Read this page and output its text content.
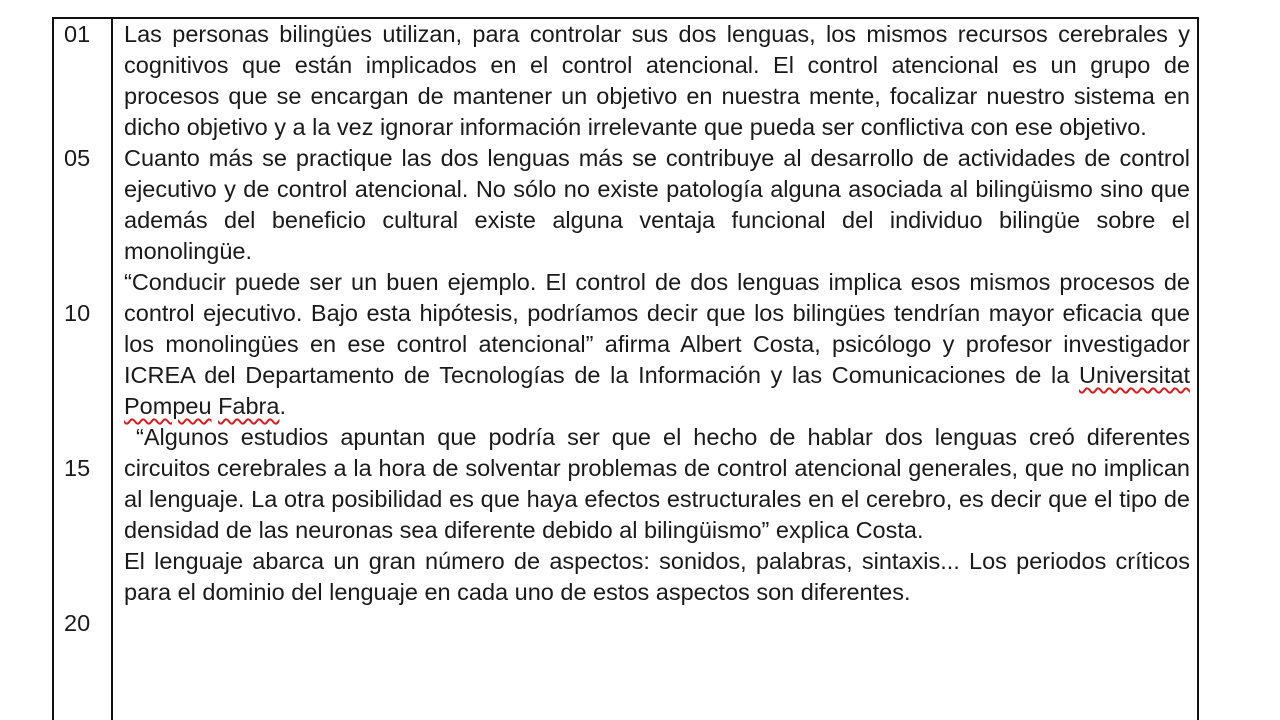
01
05
10
15
20

Las personas bilingües utilizan, para controlar sus dos lenguas, los mismos recursos cerebrales y cognitivos que están implicados en el control atencional. El control atencional es un grupo de procesos que se encargan de mantener un objetivo en nuestra mente, focalizar nuestro sistema en dicho objetivo y a la vez ignorar información irrelevante que pueda ser conflictiva con ese objetivo.

Cuanto más se practique las dos lenguas más se contribuye al desarrollo de actividades de control ejecutivo y de control atencional. No sólo no existe patología alguna asociada al bilingüismo sino que además del beneficio cultural existe alguna ventaja funcional del individuo bilingüe sobre el monolingüe.

“Conducir puede ser un buen ejemplo. El control de dos lenguas implica esos mismos procesos de control ejecutivo. Bajo esta hipótesis, podríamos decir que los bilingües tendrían mayor eficacia que los monolingües en ese control atencional” afirma Albert Costa, psicólogo y profesor investigador ICREA del Departamento de Tecnologías de la Información y las Comunicaciones de la Universitat Pompeu Fabra.

“Algunos estudios apuntan que podría ser que el hecho de hablar dos lenguas creó diferentes circuitos cerebrales a la hora de solventar problemas de control atencional generales, que no implican al lenguaje. La otra posibilidad es que haya efectos estructurales en el cerebro, es decir que el tipo de densidad de las neuronas sea diferente debido al bilingüismo” explica Costa.

El lenguaje abarca un gran número de aspectos: sonidos, palabras, sintaxis... Los periodos críticos para el dominio del lenguaje en cada uno de estos aspectos son diferentes.
